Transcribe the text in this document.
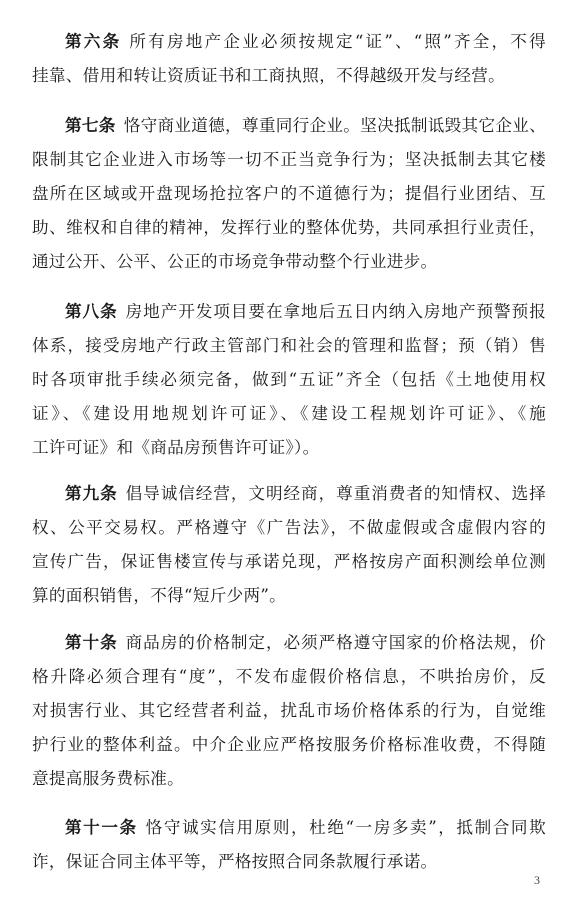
第六条 所有房地产企业必须按规定“证”、“照”齐全，不得
挂靠、借用和转让资质证书和工商执照，不得越级开发与经营。
第七条 恪守商业道德，尊重同行企业。坚决抵制诋毁其它企业、
限制其它企业进入市场等一切不正当竞争行为；坚决抵制去其它楼
盘所在区域或开盘现场抢拉客户的不道德行为；提倡行业团结、互
助、维权和自律的精神，发挥行业的整体优势，共同承担行业责任，
通过公开、公平、公正的市场竞争带动整个行业进步。
第八条 房地产开发项目要在拿地后五日内纳入房地产预警预报
体系，接受房地产行政主管部门和社会的管理和监督；预（销）售
时各项审批手续必须完备，做到“五证”齐全（包括《土地使用权
证》、《建设用地规划许可证》、《建设工程规划许可证》、《施
工许可证》和《商品房预售许可证》）。
第九条 倡导诚信经营，文明经商，尊重消费者的知情权、选择
权、公平交易权。严格遵守《广告法》，不做虚假或含虚假内容的
宣传广告，保证售楼宣传与承诺兑现，严格按房产面积测绘单位测
算的面积销售，不得“短斤少两”。
第十条 商品房的价格制定，必须严格遵守国家的价格法规，价
格升降必须合理有“度”，不发布虚假价格信息，不哄抬房价，反
对损害行业、其它经营者利益，扰乱市场价格体系的行为，自觉维
护行业的整体利益。中介企业应严格按服务价格标准收费，不得随
意提高服务费标准。
第十一条 恪守诚实信用原则，杜绝“一房多卖”，抵制合同欺
诈，保证合同主体平等，严格按照合同条款履行承诺。
3
